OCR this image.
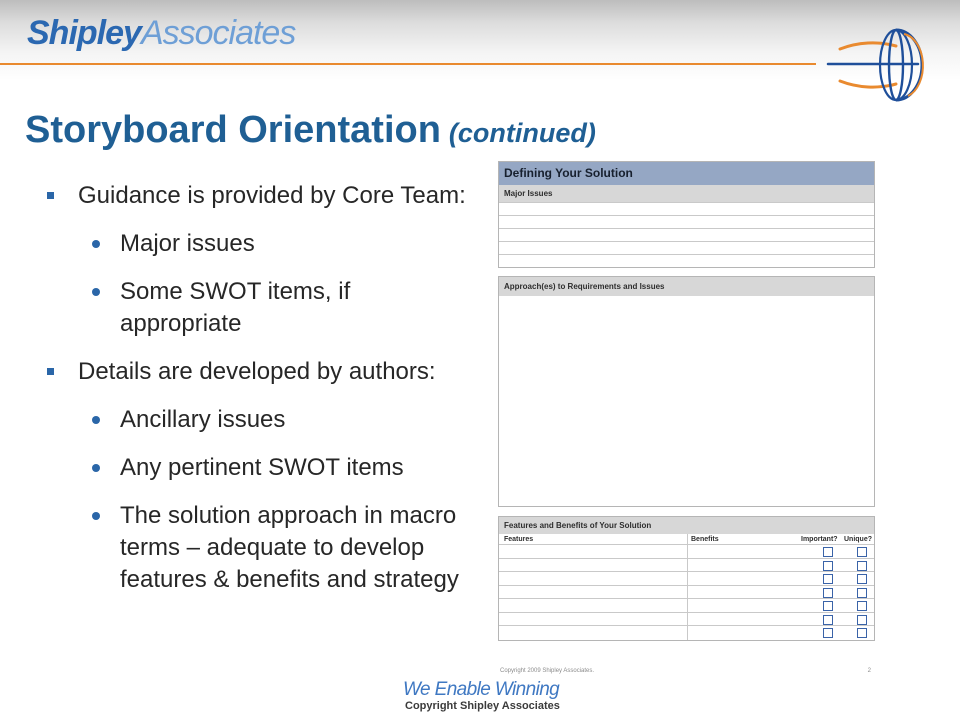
ShipleyAssociates
Storyboard Orientation (continued)
Guidance is provided by Core Team:
Major issues
Some SWOT items, if
appropriate
Details are developed by authors:
Ancillary issues
Any pertinent SWOT items
The solution approach in macro
terms – adequate to develop
features & benefits and strategy
Defining Your Solution
Major Issues
Approach(es) to Requirements and Issues
Features and Benefits of Your Solution
Features	Benefits	Important? Unique?
Copyright 2009 Shipley Associates.	2
We Enable Winning
Copyright Shipley Associates
